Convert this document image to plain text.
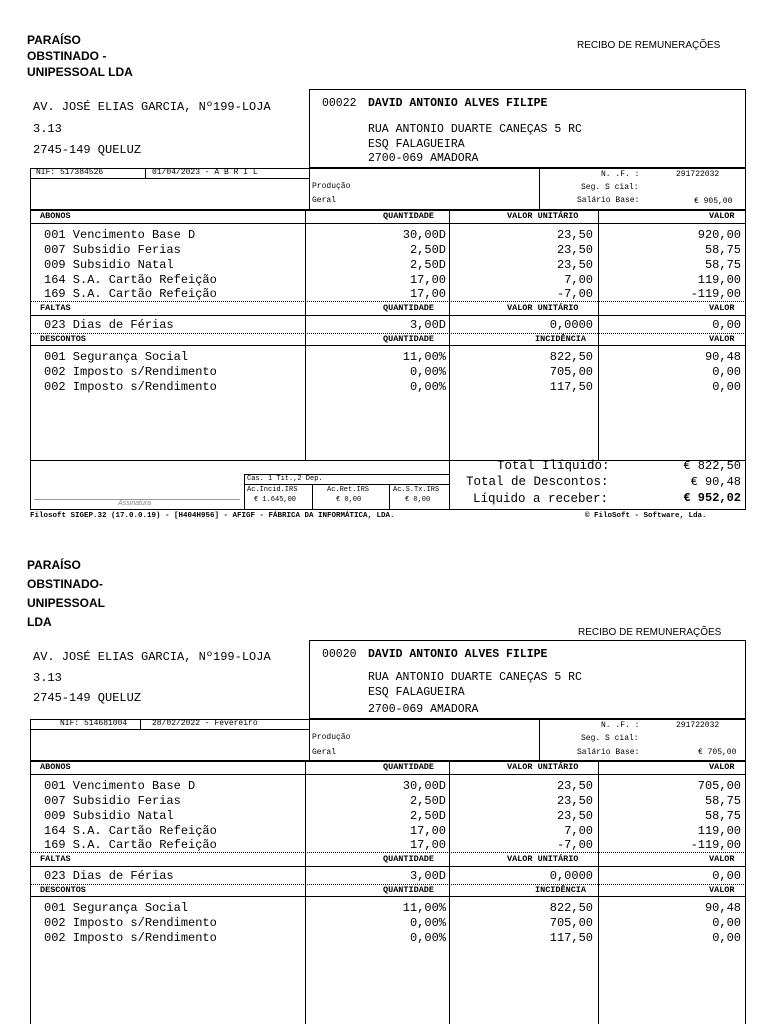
PARAÍSO OBSTINADO - UNIPESSOAL LDA
RECIBO DE REMUNERAÇÕES
AV. JOSÉ ELIAS GARCIA, Nº199-LOJA
3.13
2745-149 QUELUZ
00022 DAVID ANTONIO ALVES FILIPE
RUA ANTONIO DUARTE CANEÇAS 5 RC
ESQ FALAGUEIRA
2700-069 AMADORA
NIF: 517384526	01/04/2023 - A B R I L
Produção
Geral
N. .F. :	291722032
Seg. S cial:
Salário Base:	€ 905,00
ABONOS	QUANTIDADE	VALOR UNITÁRIO	VALOR
001 Vencimento Base D	30,00D	23,50	920,00
007 Subsidio Ferias	2,50D	23,50	58,75
009 Subsidio Natal	2,50D	23,50	58,75
164 S.A. Cartão Refeição	17,00	7,00	119,00
169 S.A. Cartão Refeição	17,00	-7,00	-119,00
FALTAS	QUANTIDADE	VALOR UNITÁRIO	VALOR
023 Dias de Férias	3,00D	0,0000	0,00
DESCONTOS	QUANTIDADE	INCIDÊNCIA	VALOR
001 Segurança Social	11,00%	822,50	90,48
002 Imposto s/Rendimento	0,00%	705,00	0,00
002 Imposto s/Rendimento	0,00%	117,50	0,00
Cas. 1 Tit.,2 Dep.
Ac.Incid.IRS	Ac.Ret.IRS	Ac.S.Tx.IRS
€ 1.645,00	€ 0,00	€ 0,00
Assinatura
Total Ilíquido:	€ 822,50
Total de Descontos:	€ 90,48
Líquido a receber:	€ 952,02
Filosoft SIGEP.32 (17.0.0.19) - [H404H956] - AFIGF - FÁBRICA DA INFORMÁTICA, LDA.	© FiloSoft - Software, Lda.
PARAÍSO OBSTINADO- UNIPESSOAL LDA
RECIBO DE REMUNERAÇÕES
AV. JOSÉ ELIAS GARCIA, Nº199-LOJA
3.13
2745-149 QUELUZ
00020 DAVID ANTONIO ALVES FILIPE
RUA ANTONIO DUARTE CANEÇAS 5 RC
ESQ FALAGUEIRA
2700-069 AMADORA
NIF: 514681004	28/02/2022 - Fevereiro
Produção
Geral
N. .F. :	291722032
Seg. S cial:
Salário Base:	€ 705,00
ABONOS	QUANTIDADE	VALOR UNITÁRIO	VALOR
001 Vencimento Base D	30,00D	23,50	705,00
007 Subsidio Ferias	2,50D	23,50	58,75
009 Subsidio Natal	2,50D	23,50	58,75
164 S.A. Cartão Refeição	17,00	7,00	119,00
169 S.A. Cartão Refeição	17,00	-7,00	-119,00
FALTAS	QUANTIDADE	VALOR UNITÁRIO	VALOR
023 Dias de Férias	3,00D	0,0000	0,00
DESCONTOS	QUANTIDADE	INCIDÊNCIA	VALOR
001 Segurança Social	11,00%	822,50	90,48
002 Imposto s/Rendimento	0,00%	705,00	0,00
002 Imposto s/Rendimento	0,00%	117,50	0,00
